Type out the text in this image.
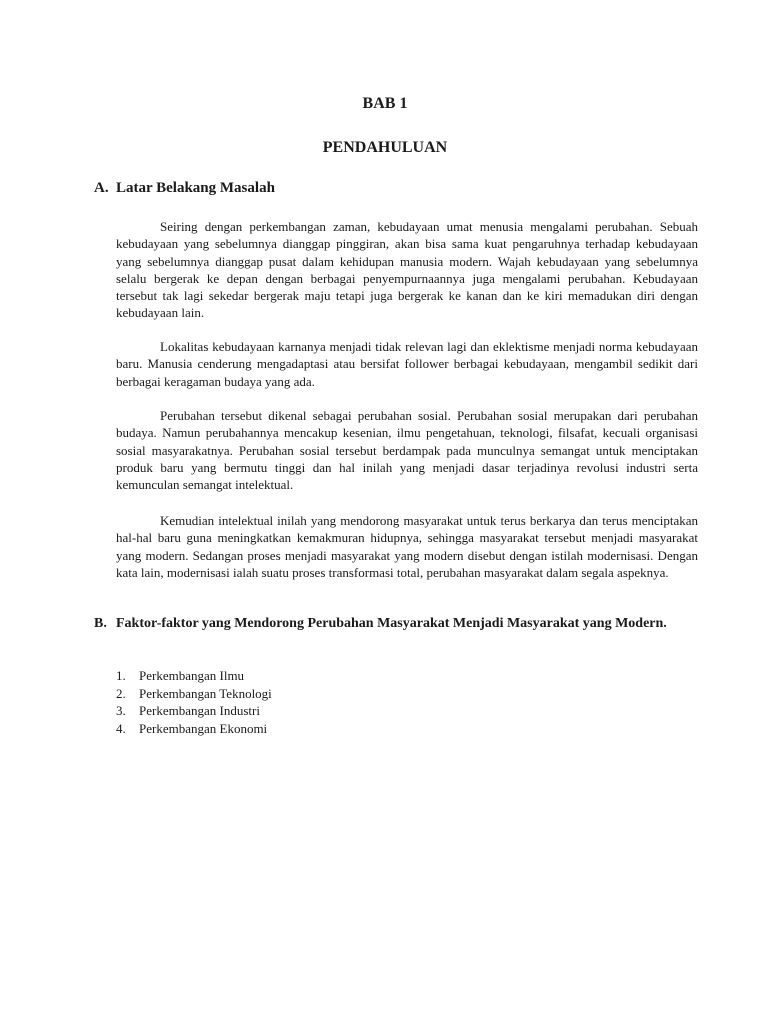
BAB 1
PENDAHULUAN
A. Latar Belakang Masalah

Seiring dengan perkembangan zaman, kebudayaan umat menusia mengalami perubahan. Sebuah kebudayaan yang sebelumnya dianggap pinggiran, akan bisa sama kuat pengaruhnya terhadap kebudayaan yang sebelumnya dianggap pusat dalam kehidupan manusia modern. Wajah kebudayaan yang sebelumnya selalu bergerak ke depan dengan berbagai penyempurnaannya juga mengalami perubahan. Kebudayaan tersebut tak lagi sekedar bergerak maju tetapi juga bergerak ke kanan dan ke kiri memadukan diri dengan kebudayaan lain.

Lokalitas kebudayaan karnanya menjadi tidak relevan lagi dan eklektisme menjadi norma kebudayaan baru. Manusia cenderung mengadaptasi atau bersifat follower berbagai kebudayaan, mengambil sedikit dari berbagai keragaman budaya yang ada.

Perubahan tersebut dikenal sebagai perubahan sosial. Perubahan sosial merupakan dari perubahan budaya. Namun perubahannya mencakup kesenian, ilmu pengetahuan, teknologi, filsafat, kecuali organisasi sosial masyarakatnya. Perubahan sosial tersebut berdampak pada munculnya semangat untuk menciptakan produk baru yang bermutu tinggi dan hal inilah yang menjadi dasar terjadinya revolusi industri serta kemunculan semangat intelektual.

Kemudian intelektual inilah yang mendorong masyarakat untuk terus berkarya dan terus menciptakan hal-hal baru guna meningkatkan kemakmuran hidupnya, sehingga masyarakat tersebut menjadi masyarakat yang modern. Sedangan proses menjadi masyarakat yang modern disebut dengan istilah modernisasi. Dengan kata lain, modernisasi ialah suatu proses transformasi total, perubahan masyarakat dalam segala aspeknya.

B. Faktor-faktor yang Mendorong Perubahan Masyarakat Menjadi Masyarakat yang Modern.
1. Perkembangan Ilmu
2. Perkembangan Teknologi
3. Perkembangan Industri
4. Perkembangan Ekonomi
